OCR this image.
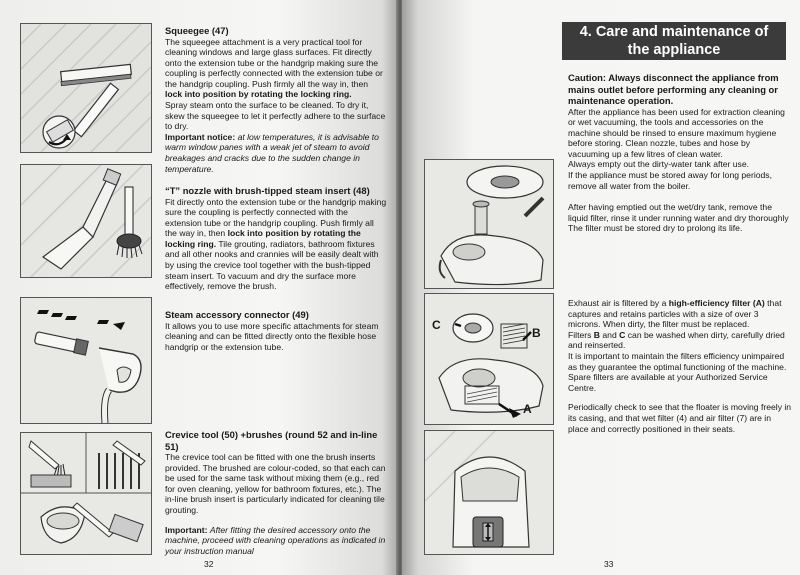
Squeegee (47)

The squeegee attachment is a very practical tool for cleaning windows and large glass surfaces. Fit directly onto the extension tube or the handgrip making sure the coupling is perfectly connected with the extension tube or the handgrip coupling. Push firmly all the way in, then lock into position by rotating the locking ring.

Spray steam onto the surface to be cleaned. To dry it, skew the squeegee to let it perfectly adhere to the surface to dry.

Important notice: at low temperatures, it is advisable to warm window panes with a weak jet of steam to avoid breakages and cracks due to the sudden change in temperature.

“T” nozzle with brush-tipped steam insert (48)

Fit directly onto the extension tube or the handgrip making sure the coupling is perfectly connected with the extension tube or the handgrip coupling. Push firmly all the way in, then lock into position by rotating the locking ring. Tile grouting, radiators, bathroom fixtures and all other nooks and crannies will be easily dealt with by using the crevice tool together with the bush-tipped steam insert. To vacuum and dry the surface more effectively, remove the brush.

Steam accessory connector (49)

It allows you to use more specific attachments for steam cleaning and can be fitted directly onto the flexible hose handgrip or the extension tube.

Crevice tool (50) +brushes (round 52 and in-line 51)

The crevice tool can be fitted with one the brush inserts provided. The brushed are colour-coded, so that each can be used for the same task without mixing them (e.g., red for oven cleaning, yellow for bathroom fixtures, etc.). The in-line brush insert is particularly indicated for cleaning tile grouting.

Important: After fitting the desired accessory onto the machine, proceed with cleaning operations as indicated in your instruction manual

32
4. Care and maintenance of
the appliance
C
B
A

Caution: Always disconnect the appliance from mains outlet before performing any cleaning or maintenance operation.

After the appliance has been used for extraction cleaning or wet vacuuming, the tools and accessories on the machine should be rinsed to ensure maximum hygiene before storing. Clean nozzle, tubes and hose by vacuuming up a few litres of clean water.

Always empty out the dirty-water tank after use.

If the appliance must be stored away for long periods, remove all water from the boiler.

After having emptied out the wet/dry tank, remove the liquid filter, rinse it under running water and dry thoroughly

The filter must be stored dry to prolong its life.

Exhaust air is filtered by a high-efficiency filter (A) that captures and retains particles with a size of over 3 microns. When dirty, the filter must be replaced.

Filters B and C can be washed when dirty, carefully dried and reinserted.

It is important to maintain the filters efficiency unimpaired as they guarantee the optimal functioning of the machine.

Spare filters are available at your Authorized Service Centre.

Periodically check to see that the floater is moving freely in its casing, and that wet filter (4) and air filter (7) are in place and correctly positioned in their seats.

33
